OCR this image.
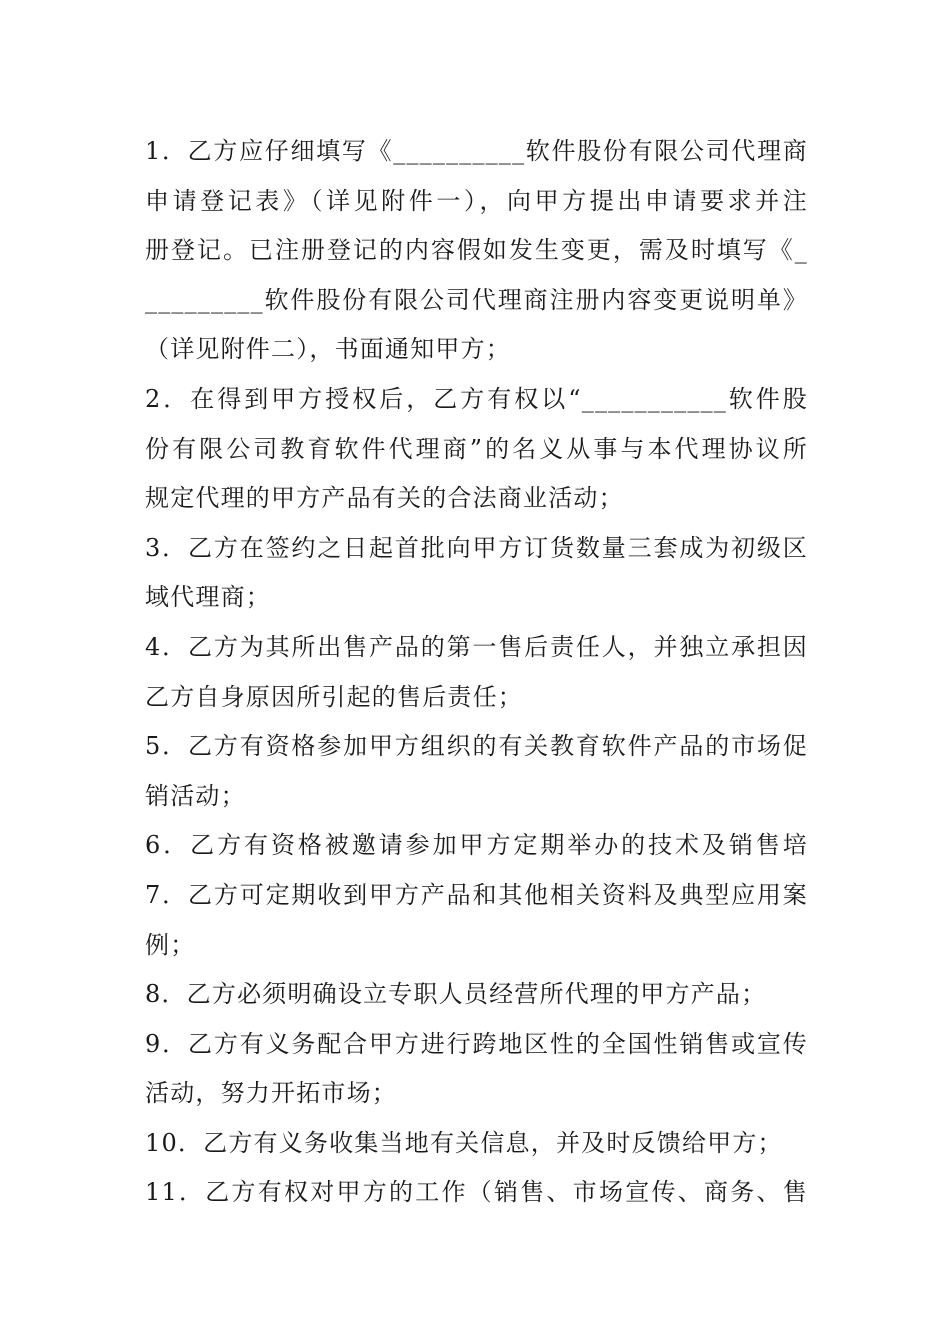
1．乙方应仔细填写《__________软件股份有限公司代理商
申请登记表》（详见附件一），向甲方提出申请要求并注
册登记。已注册登记的内容假如发生变更，需及时填写《_
_________软件股份有限公司代理商注册内容变更说明单》
（详见附件二），书面通知甲方；
2．在得到甲方授权后，乙方有权以“___________软件股
份有限公司教育软件代理商”的名义从事与本代理协议所
规定代理的甲方产品有关的合法商业活动；
3．乙方在签约之日起首批向甲方订货数量三套成为初级区
域代理商；
4．乙方为其所出售产品的第一售后责任人，并独立承担因
乙方自身原因所引起的售后责任；
5．乙方有资格参加甲方组织的有关教育软件产品的市场促
销活动；
6．乙方有资格被邀请参加甲方定期举办的技术及销售培
7．乙方可定期收到甲方产品和其他相关资料及典型应用案
例；
8．乙方必须明确设立专职人员经营所代理的甲方产品；
9．乙方有义务配合甲方进行跨地区性的全国性销售或宣传
活动，努力开拓市场；
10．乙方有义务收集当地有关信息，并及时反馈给甲方；
11．乙方有权对甲方的工作（销售、市场宣传、商务、售
